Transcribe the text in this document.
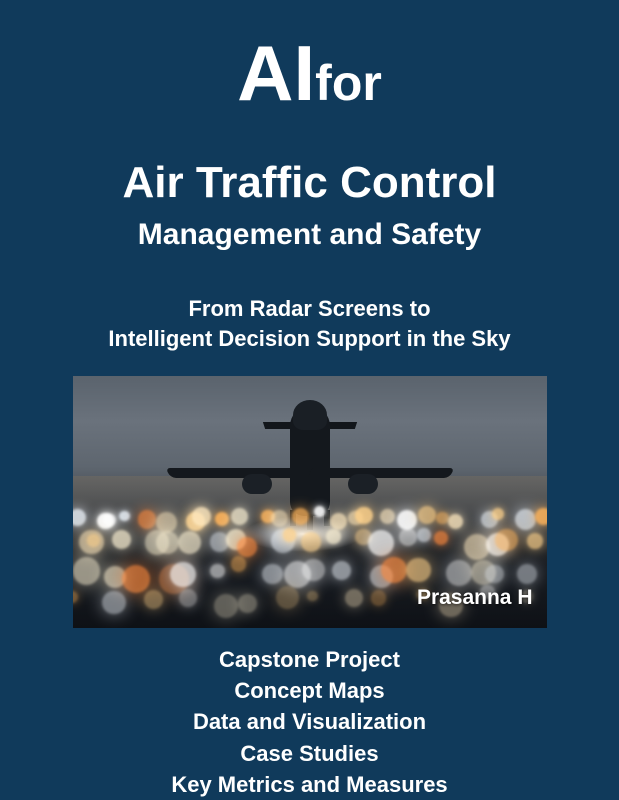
AIfor
Air Traffic Control
Management and Safety
From Radar Screens to
Intelligent Decision Support in the Sky
Prasanna H
Capstone Project
Concept Maps
Data and Visualization
Case Studies
Key Metrics and Measures
